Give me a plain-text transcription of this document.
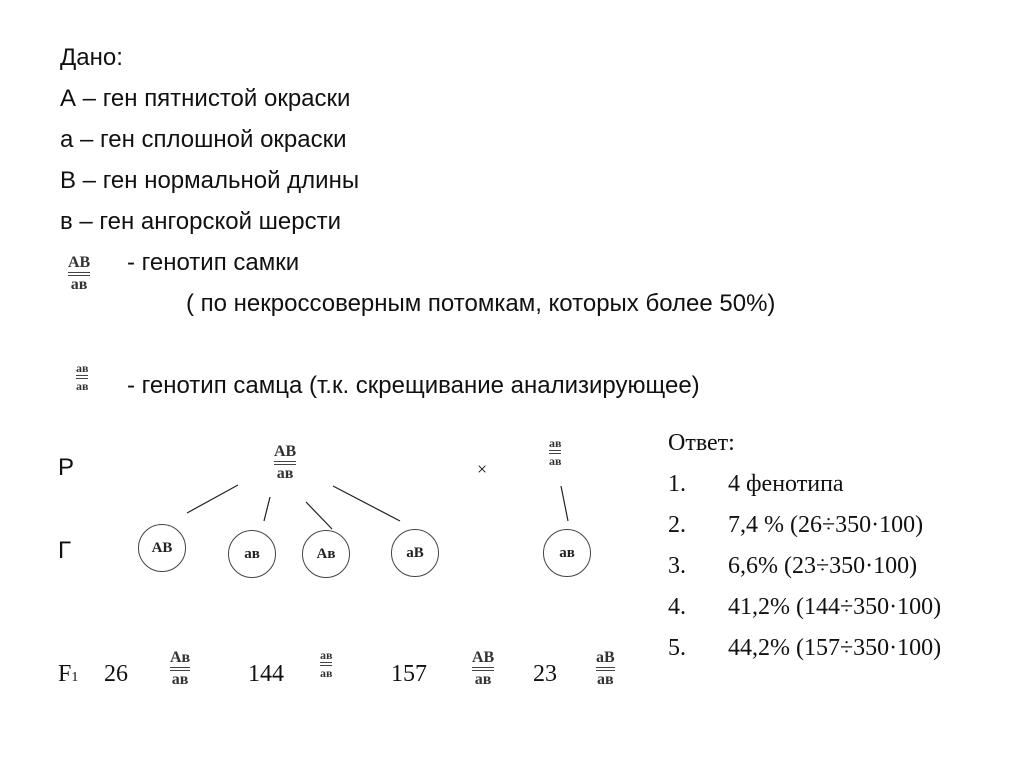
Дано:
А – ген пятнистой окраски
а – ген сплошной окраски
В – ген нормальной длины
в – ген ангорской шерсти
АВ
ав
- генотип самки
( по некроссоверным потомкам, которых более 50%)
ав
ав - генотип самца (т.к. скрещивание анализирующее)
Р
Г
F1
АВ
ав	×
ав
ав
АВ	ав	Ав	аВ	ав
26
Ав
ав 144
ав
ав 157
АВ
ав 23
аВ
ав
Ответ:
1. 4 фенотипа
2. 7,4 % (26÷350·100)
3. 6,6% (23÷350·100)
4. 41,2% (144÷350·100)
5. 44,2% (157÷350·100)
